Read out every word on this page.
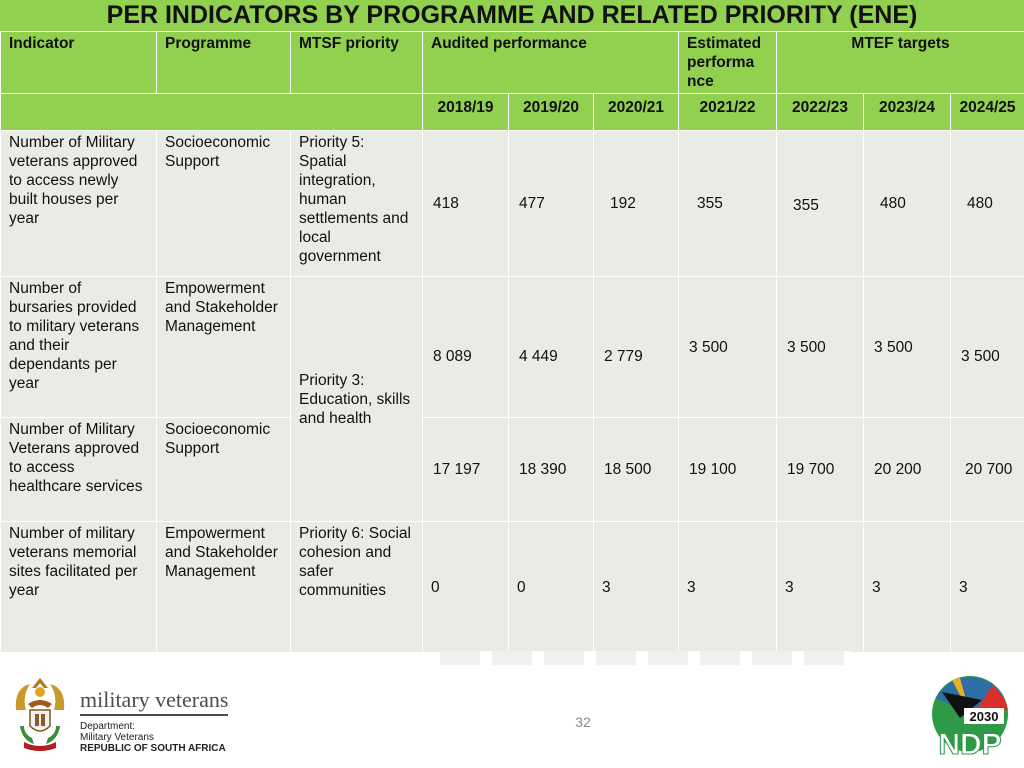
PER INDICATORS BY PROGRAMME AND RELATED PRIORITY (ENE)
Indicator	Programme	MTSF priority	Audited performance			Estimated performa nce	MTEF targets		
			2018/19	2019/20	2020/21	2021/22	2022/23	2023/24	2024/25
Number of Military veterans approved to access newly built houses per year	Socioeconomic Support	Priority 5: Spatial integration, human settlements and local government	418	477	192	355	355	480	480
Number of bursaries provided to military veterans and their dependants per year	Empowerment and Stakeholder Management	Priority 3: Education, skills and health	8 089	4 449	2 779	3 500	3 500	3 500	3 500
Number of Military Veterans approved to access healthcare services	Socioeconomic Support		17 197	18 390	18 500	19 100	19 700	20 200	20 700
Number of military veterans memorial sites facilitated per year	Empowerment and Stakeholder Management	Priority 6: Social cohesion and safer communities	0	0	3	3	3	3	3
military veterans
Department:
Military Veterans
REPUBLIC OF SOUTH AFRICA
32	2030
NDP
